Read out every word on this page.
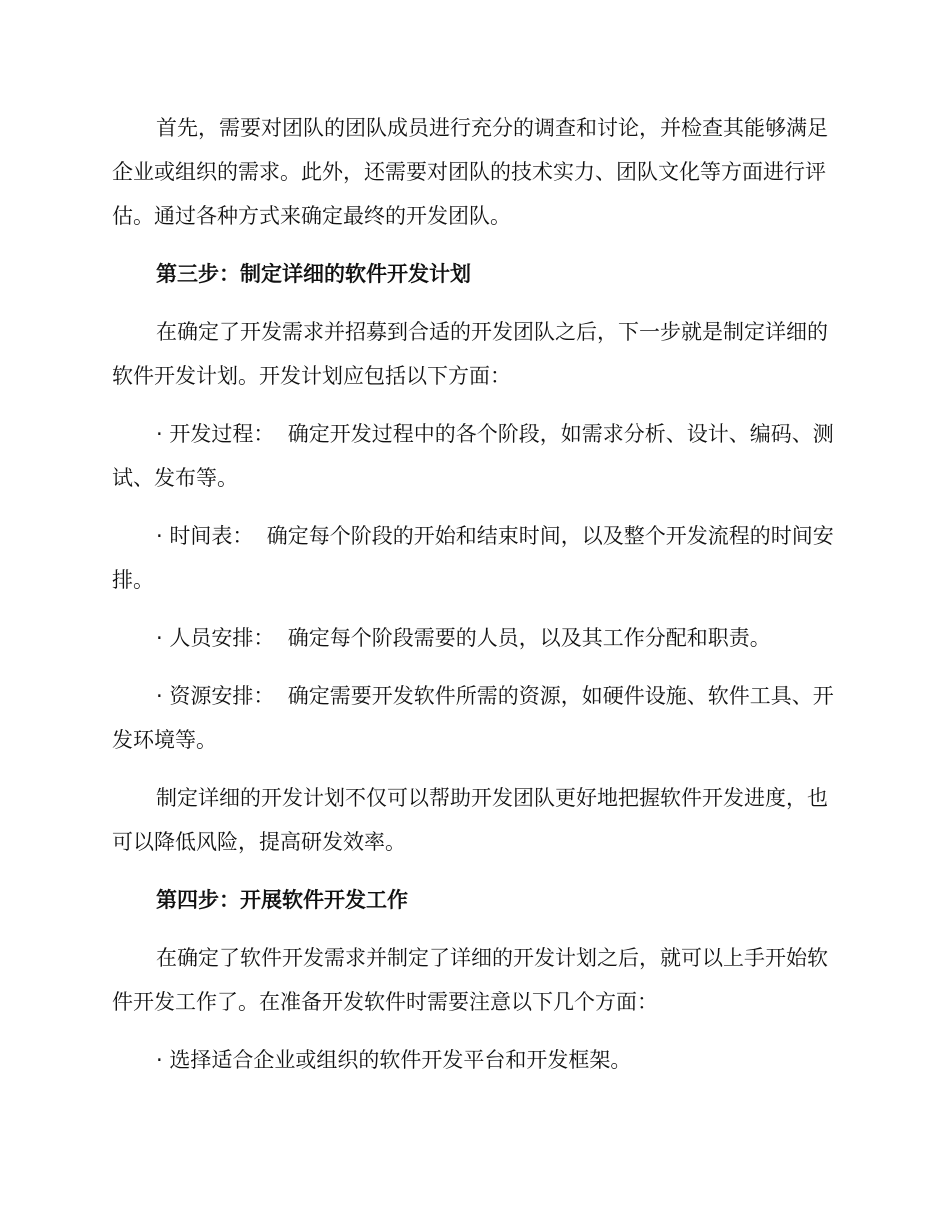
首先，需要对团队的团队成员进行充分的调查和讨论，并检查其能够满足企业或组织的需求。此外，还需要对团队的技术实力、团队文化等方面进行评估。通过各种方式来确定最终的开发团队。

第三步：制定详细的软件开发计划

在确定了开发需求并招募到合适的开发团队之后，下一步就是制定详细的软件开发计划。开发计划应包括以下方面：

· 开发过程： 确定开发过程中的各个阶段，如需求分析、设计、编码、测试、发布等。

· 时间表： 确定每个阶段的开始和结束时间，以及整个开发流程的时间安排。

· 人员安排： 确定每个阶段需要的人员，以及其工作分配和职责。

· 资源安排： 确定需要开发软件所需的资源，如硬件设施、软件工具、开发环境等。

制定详细的开发计划不仅可以帮助开发团队更好地把握软件开发进度，也可以降低风险，提高研发效率。

第四步：开展软件开发工作

在确定了软件开发需求并制定了详细的开发计划之后，就可以上手开始软件开发工作了。在准备开发软件时需要注意以下几个方面：

· 选择适合企业或组织的软件开发平台和开发框架。
